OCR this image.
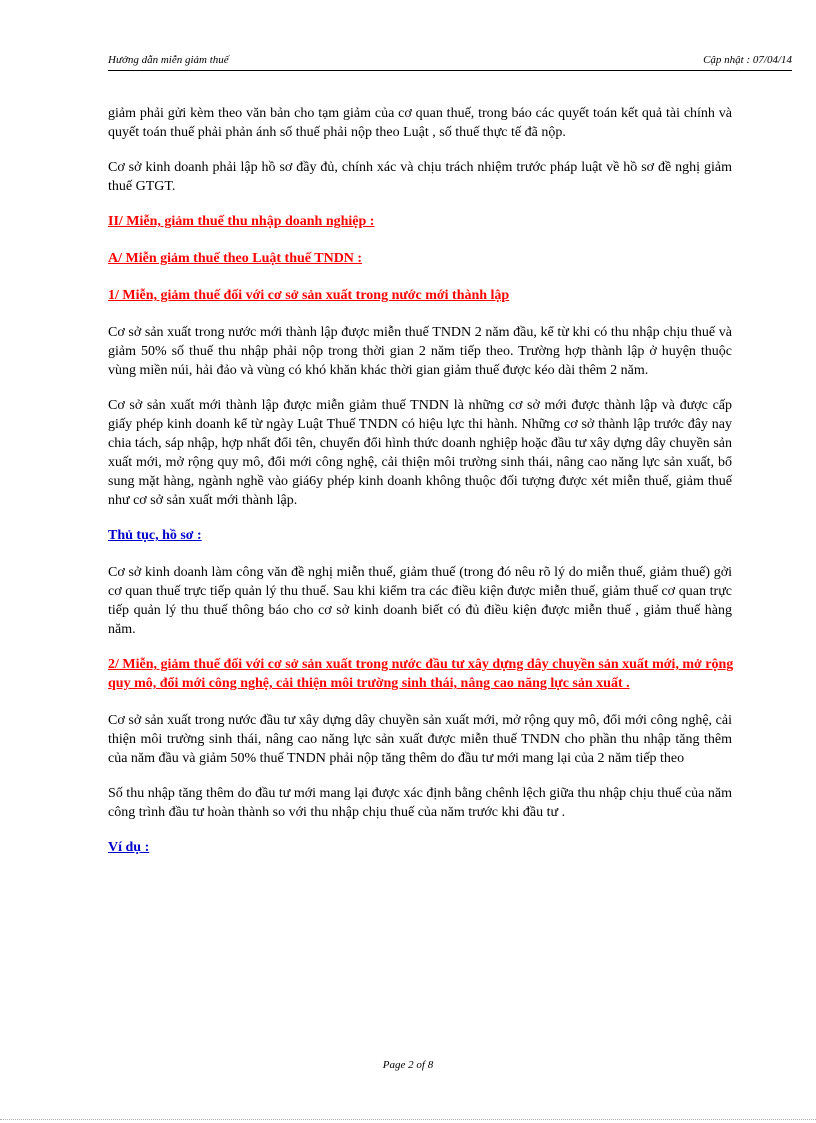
Hướng dẫn miễn giảm thuế	Cập nhật : 07/04/14

giảm phải gửi kèm theo văn bản cho tạm giảm của cơ quan thuế, trong báo các quyết toán kết quả tài chính và quyết toán thuế phải phản ánh số thuế phải nộp theo Luật , số thuế thực tế đã nộp.

Cơ sở kinh doanh phải lập hồ sơ đầy đủ, chính xác và chịu trách nhiệm trước pháp luật về hồ sơ đề nghị giảm thuế GTGT.

II/ Miễn, giảm thuế thu nhập doanh nghiệp :
A/ Miễn giảm thuế theo Luật thuế TNDN :
1/ Miễn, giảm thuế đối với cơ sở sản xuất trong nước mới thành lập

Cơ sở sản xuất trong nước mới thành lập được miễn thuế TNDN 2 năm đầu, kể từ khi có thu nhập chịu thuế và giảm 50% số thuế thu nhập phải nộp trong thời gian 2 năm tiếp theo. Trường hợp thành lập ở huyện thuộc vùng miền núi, hải đảo và vùng có khó khăn khác thời gian giảm thuế được kéo dài thêm 2 năm.

Cơ sở sản xuất mới thành lập được miễn giảm thuế TNDN là những cơ sở mới được thành lập và được cấp giấy phép kinh doanh kể từ ngày Luật Thuế TNDN có hiệu lực thi hành. Những cơ sở thành lập trước đây nay chia tách, sáp nhập, hợp nhất đổi tên, chuyển đổi hình thức doanh nghiệp hoặc đầu tư xây dựng dây chuyền sản xuất mới, mở rộng quy mô, đổi mới công nghệ, cải thiện môi trường sinh thái, nâng cao năng lực sản xuất, bổ sung mặt hàng, ngành nghề vào giá6y phép kinh doanh không thuộc đối tượng được xét miễn thuế, giảm thuế như cơ sở sản xuất mới thành lập.

Thủ tục, hồ sơ :

Cơ sở kinh doanh làm công văn đề nghị miễn thuế, giảm thuế (trong đó nêu rõ lý do miễn thuế, giảm thuế) gởi cơ quan thuế trực tiếp quản lý thu thuế. Sau khi kiểm tra các điều kiện được miễn thuế, giảm thuế cơ quan trực tiếp quản lý thu thuế thông báo cho cơ sở kinh doanh biết có đủ điều kiện được miễn thuế , giảm thuế hàng năm.

2/ Miễn, giảm thuế đối với cơ sở sản xuất trong nước đầu tư xây dựng dây chuyền sản xuất mới, mở rộng quy mô, đổi mới công nghệ, cải thiện môi trường sinh thái, nâng cao năng lực sản xuất .

Cơ sở sản xuất trong nước đầu tư xây dựng dây chuyền sản xuất mới, mở rộng quy mô, đổi mới công nghệ, cải thiện môi trường sinh thái, nâng cao năng lực sản xuất được miễn thuế TNDN cho phần thu nhập tăng thêm của năm đầu và giảm 50% thuế TNDN phải nộp tăng thêm do đầu tư mới mang lại của 2 năm tiếp theo

Số thu nhập tăng thêm do đầu tư mới mang lại được xác định bằng chênh lệch giữa thu nhập chịu thuế của năm công trình đầu tư hoàn thành so với thu nhập chịu thuế của năm trước khi đầu tư .

Ví dụ :
Page 2 of 8
